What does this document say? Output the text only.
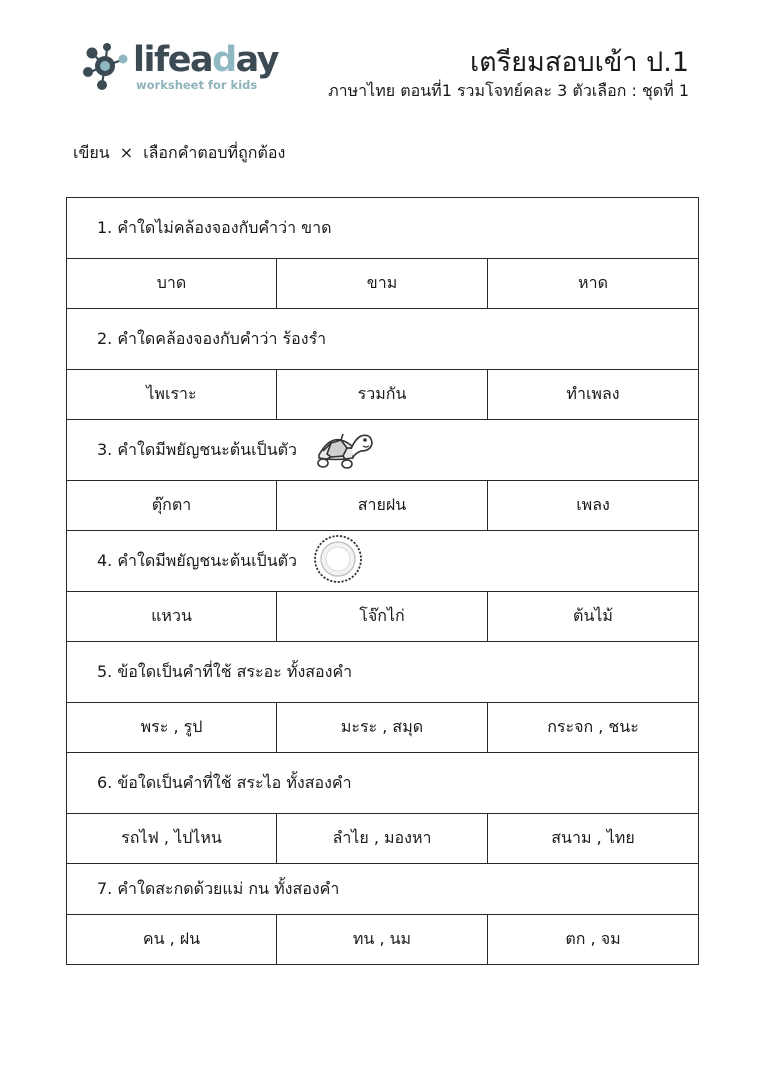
lifeaday
worksheet for kids
เตรียมสอบเข้า ป.1
ภาษาไทย ตอนที่1 รวมโจทย์คละ 3 ตัวเลือก : ชุดที่ 1
เขียน × เลือกคำตอบที่ถูกต้อง
1. คำใดไม่คล้องจองกับคำว่า ขาด		
บาด	ขาม	หาด
2. คำใดคล้องจองกับคำว่า ร้องรำ		
ไพเราะ	รวมกัน	ทำเพลง
3. คำใดมีพยัญชนะต้นเป็นตัว		
ตุ๊กตา	สายฝน	เพลง
4. คำใดมีพยัญชนะต้นเป็นตัว		
แหวน	โจ๊กไก่	ต้นไม้
5. ข้อใดเป็นคำที่ใช้ สระอะ ทั้งสองคำ		
พระ , รูป	มะระ , สมุด	กระจก , ชนะ
6. ข้อใดเป็นคำที่ใช้ สระไอ ทั้งสองคำ		
รถไฟ , ไปไหน	ลำไย , มองหา	สนาม , ไทย
7. คำใดสะกดด้วยแม่ กน ทั้งสองคำ		
คน , ฝน	ทน , นม	ตก , จม
